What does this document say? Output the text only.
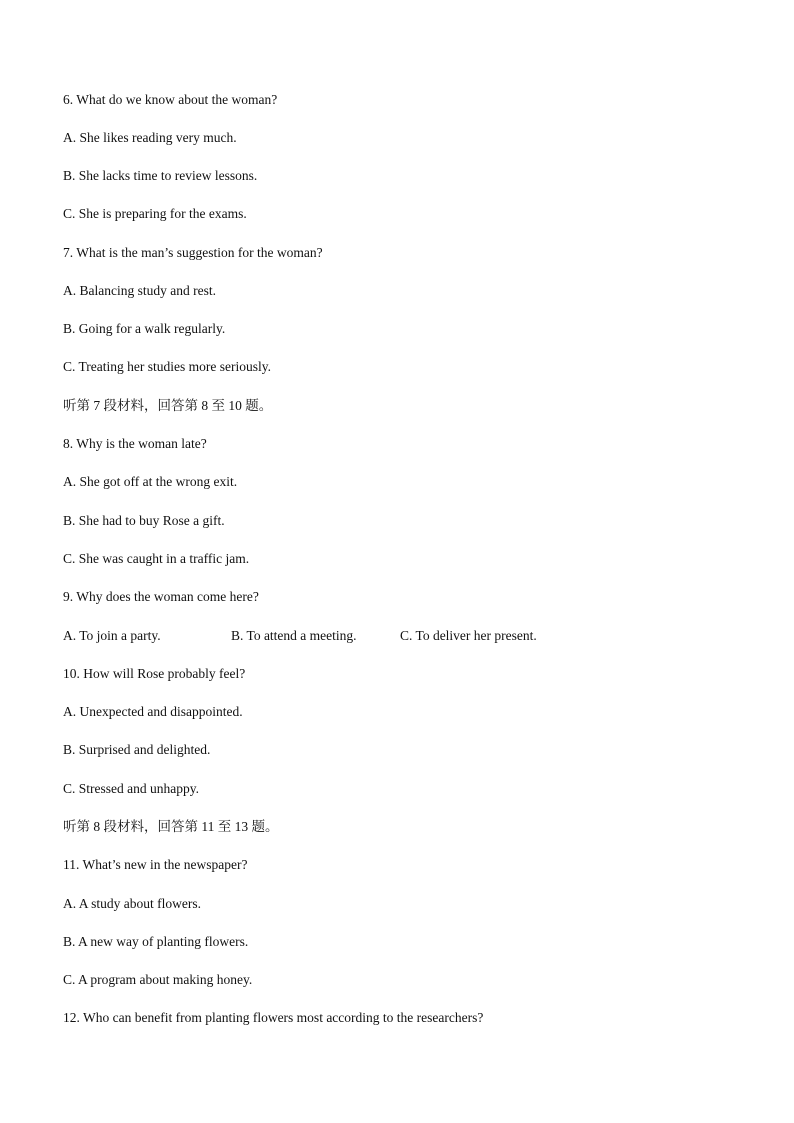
6. What do we know about the woman?
A. She likes reading very much.
B. She lacks time to review lessons.
C. She is preparing for the exams.
7. What is the man’s suggestion for the woman?
A. Balancing study and rest.
B. Going for a walk regularly.
C. Treating her studies more seriously.
听第 7 段材料，回答第 8 至 10 题。
8. Why is the woman late?
A. She got off at the wrong exit.
B. She had to buy Rose a gift.
C. She was caught in a traffic jam.
9. Why does the woman come here?
A. To join a party.	B. To attend a meeting.	C. To deliver her present.
10. How will Rose probably feel?
A. Unexpected and disappointed.
B. Surprised and delighted.
C. Stressed and unhappy.
听第 8 段材料，回答第 11 至 13 题。
11. What’s new in the newspaper?
A. A study about flowers.
B. A new way of planting flowers.
C. A program about making honey.
12. Who can benefit from planting flowers most according to the researchers?
